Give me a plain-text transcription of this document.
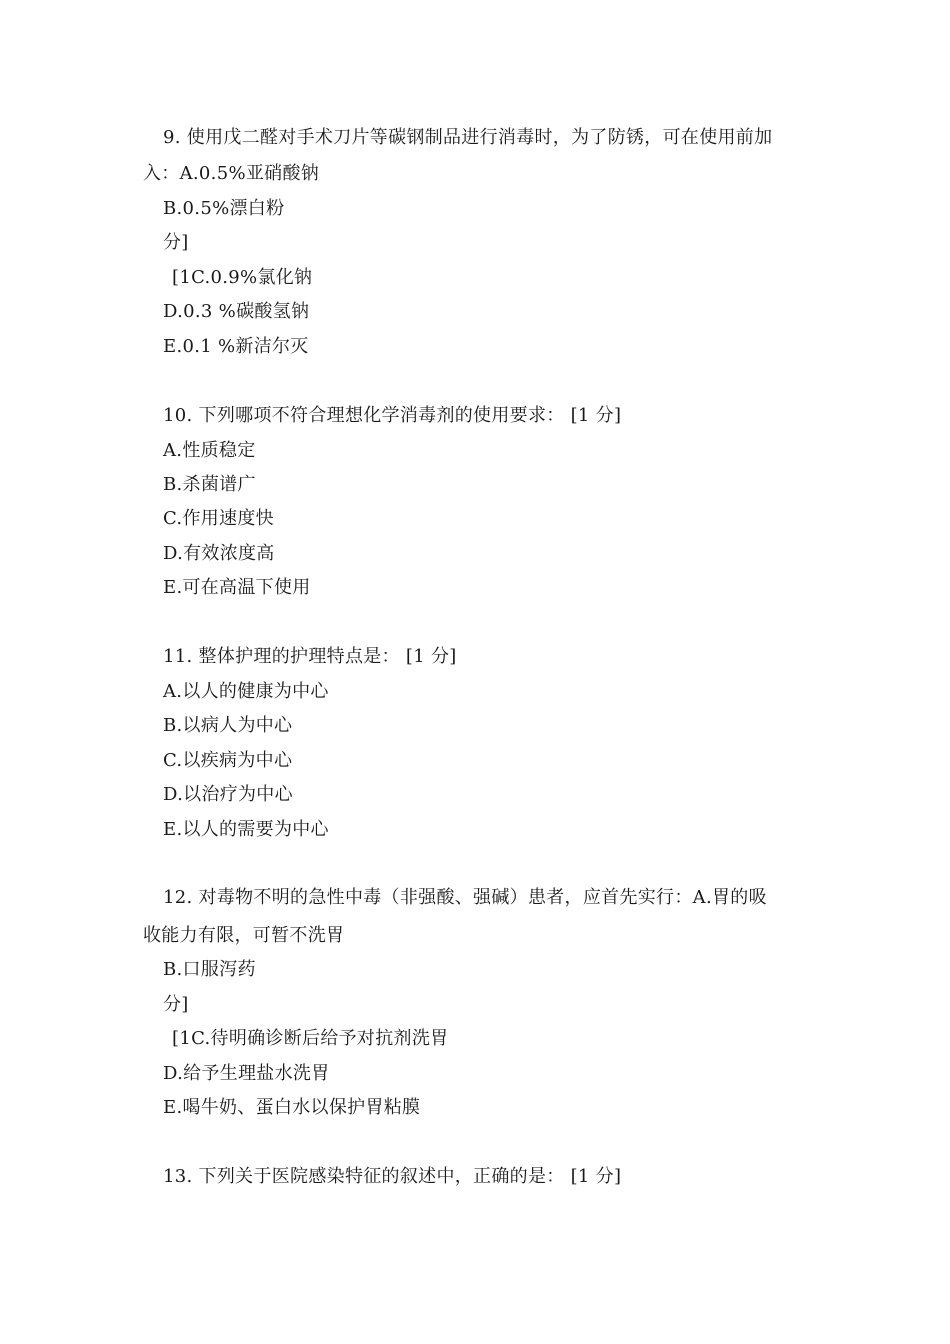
9. 使用戊二醛对手术刀片等碳钢制品进行消毒时，为了防锈，可在使用前加
入：A.0.5%亚硝酸钠
B.0.5%漂白粉
分]
[1C.0.9%氯化钠
D.0.3 %碳酸氢钠
E.0.1 %新洁尔灭
10. 下列哪项不符合理想化学消毒剂的使用要求： [1 分]
A.性质稳定
B.杀菌谱广
C.作用速度快
D.有效浓度高
E.可在高温下使用
11. 整体护理的护理特点是： [1 分]
A.以人的健康为中心
B.以病人为中心
C.以疾病为中心
D.以治疗为中心
E.以人的需要为中心
12. 对毒物不明的急性中毒（非强酸、强碱）患者，应首先实行：A.胃的吸
收能力有限，可暂不洗胃
B.口服泻药
分]
[1C.待明确诊断后给予对抗剂洗胃
D.给予生理盐水洗胃
E.喝牛奶、蛋白水以保护胃粘膜
13. 下列关于医院感染特征的叙述中，正确的是： [1 分]
